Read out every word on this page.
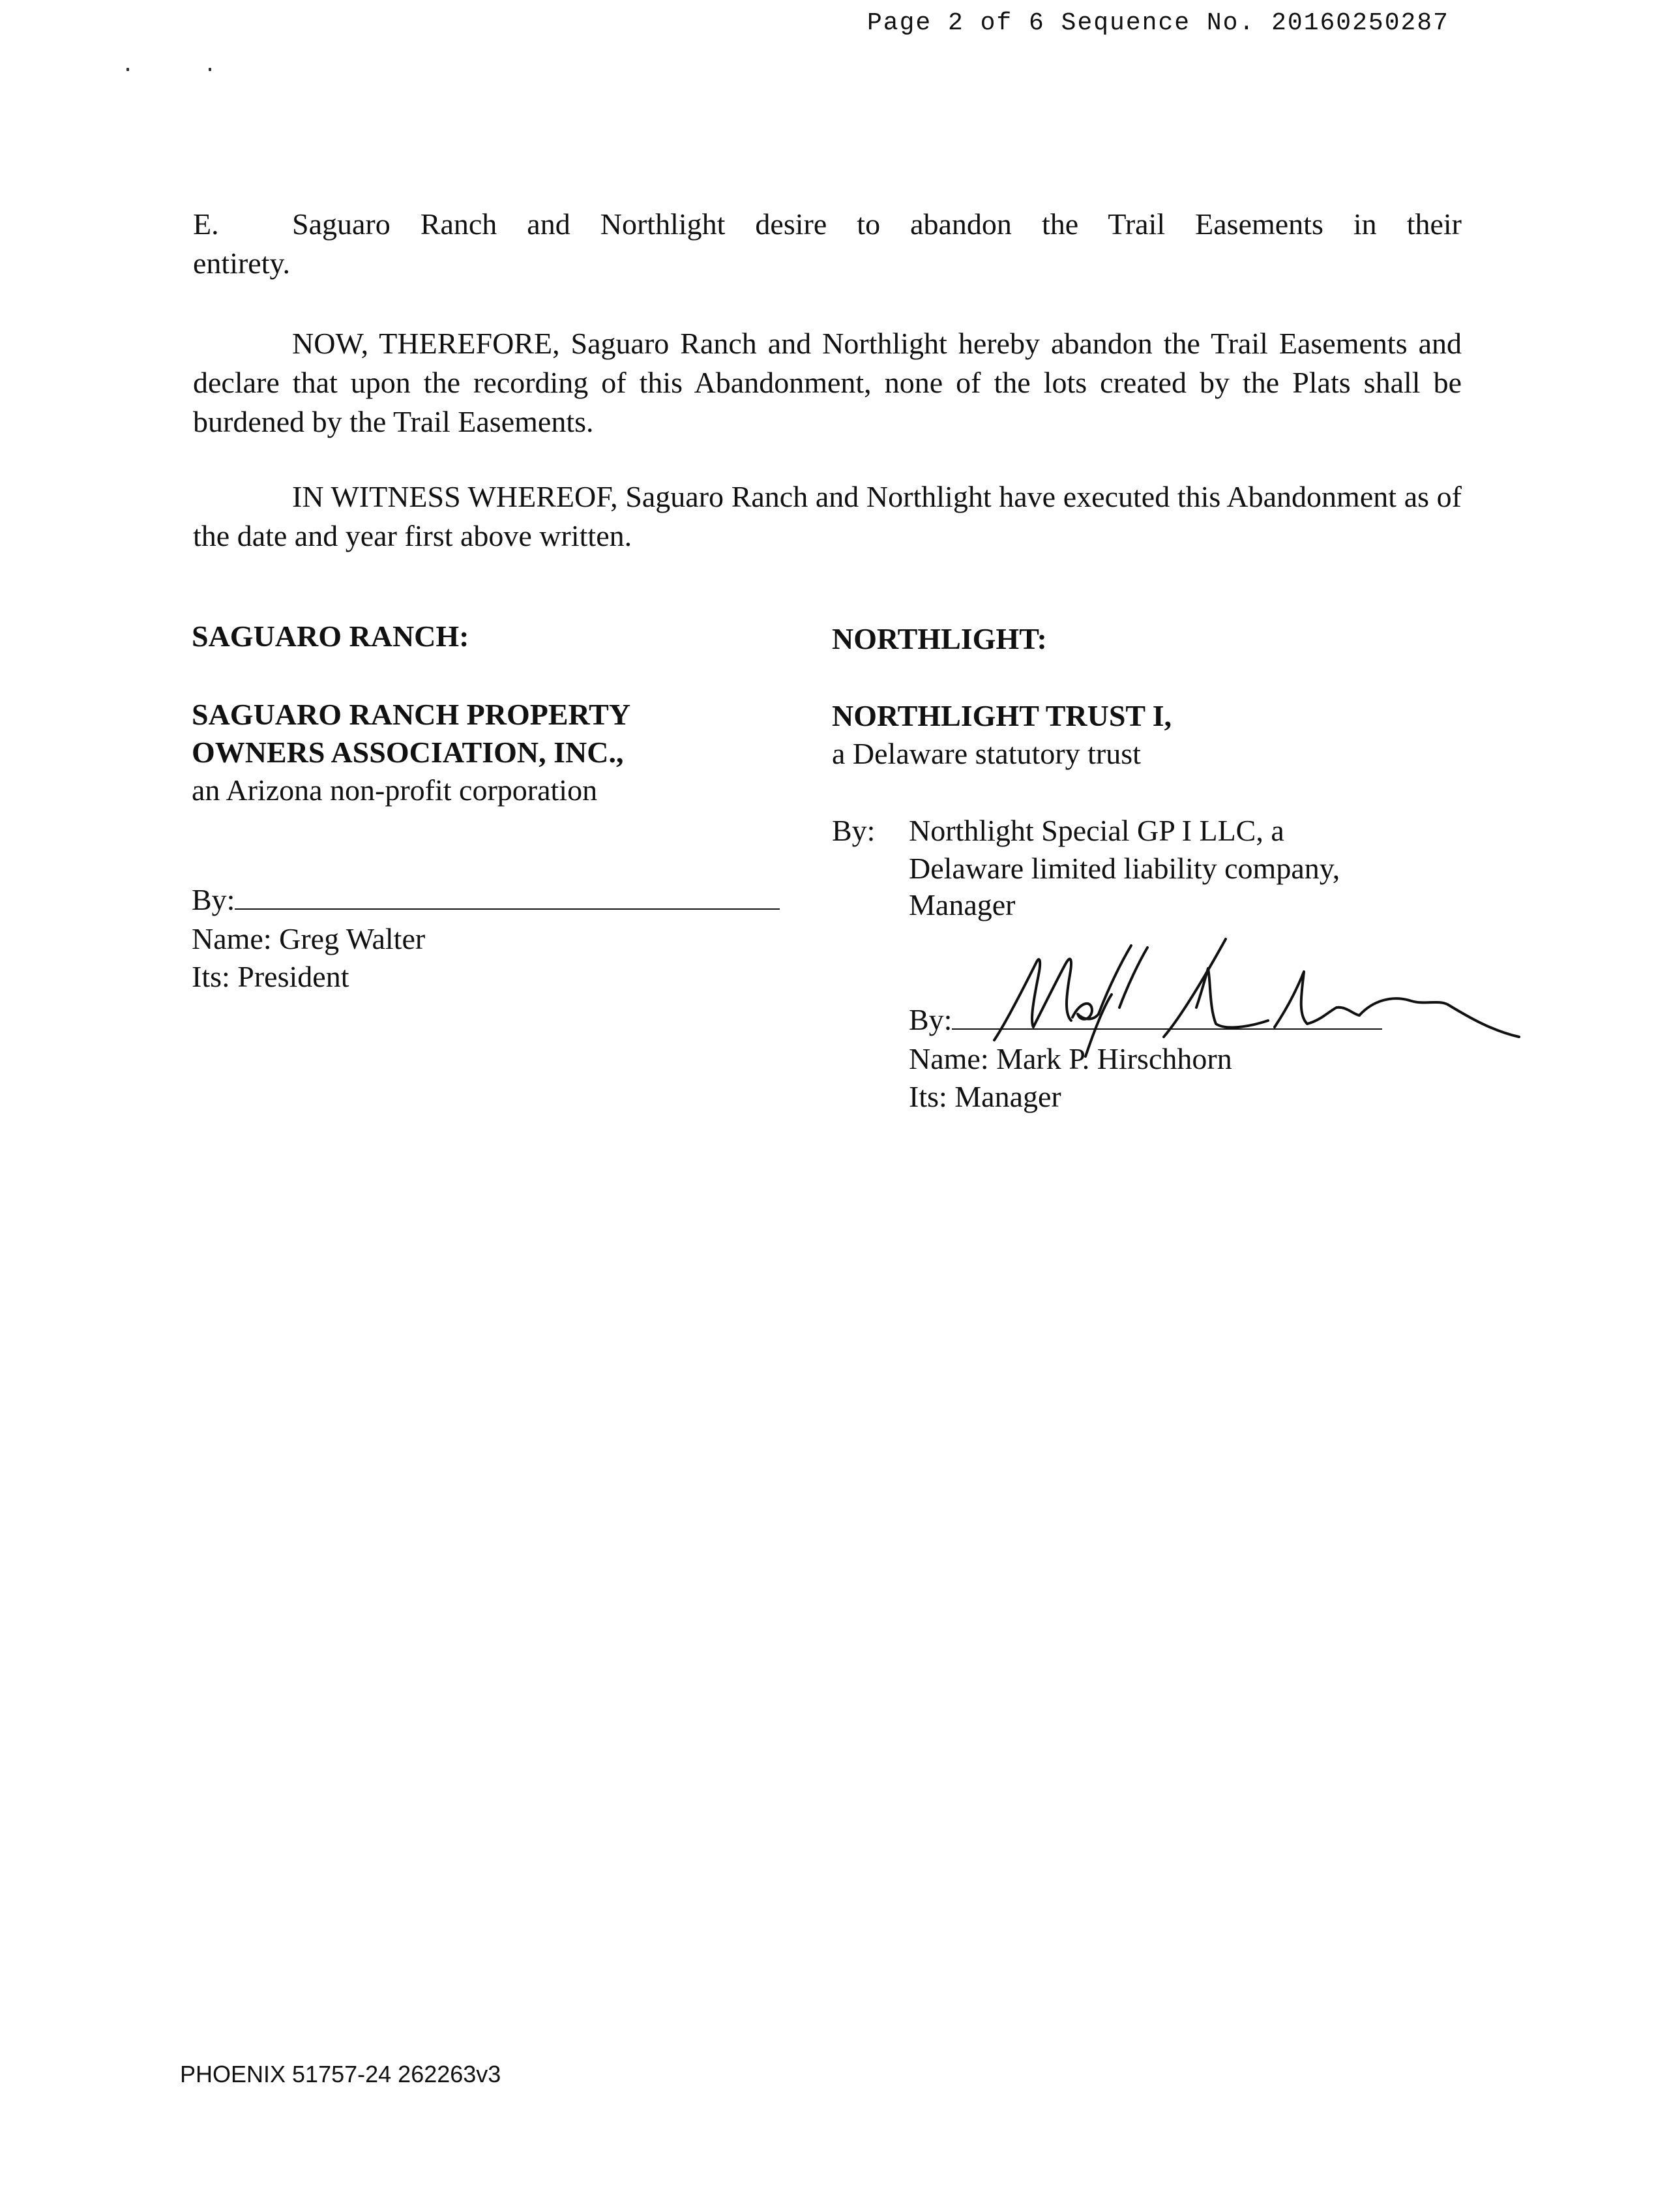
Page 2 of 6 Sequence No. 20160250287
E. Saguaro Ranch and Northlight desire to abandon the Trail Easements in their
entirety.
NOW, THEREFORE, Saguaro Ranch and Northlight hereby abandon the Trail Easements and declare that upon the recording of this Abandonment, none of the lots created by the Plats shall be burdened by the Trail Easements.
IN WITNESS WHEREOF, Saguaro Ranch and Northlight have executed this Abandonment as of the date and year first above written.
SAGUARO RANCH:
SAGUARO RANCH PROPERTY
OWNERS ASSOCIATION, INC.,
an Arizona non-profit corporation
By:
Name: Greg Walter
Its: President
NORTHLIGHT:
NORTHLIGHT TRUST I,
a Delaware statutory trust
By: Northlight Special GP I LLC, a
Delaware limited liability company,
Manager
By:
Name: Mark P. Hirschhorn
Its: Manager
PHOENIX 51757-24 262263v3
